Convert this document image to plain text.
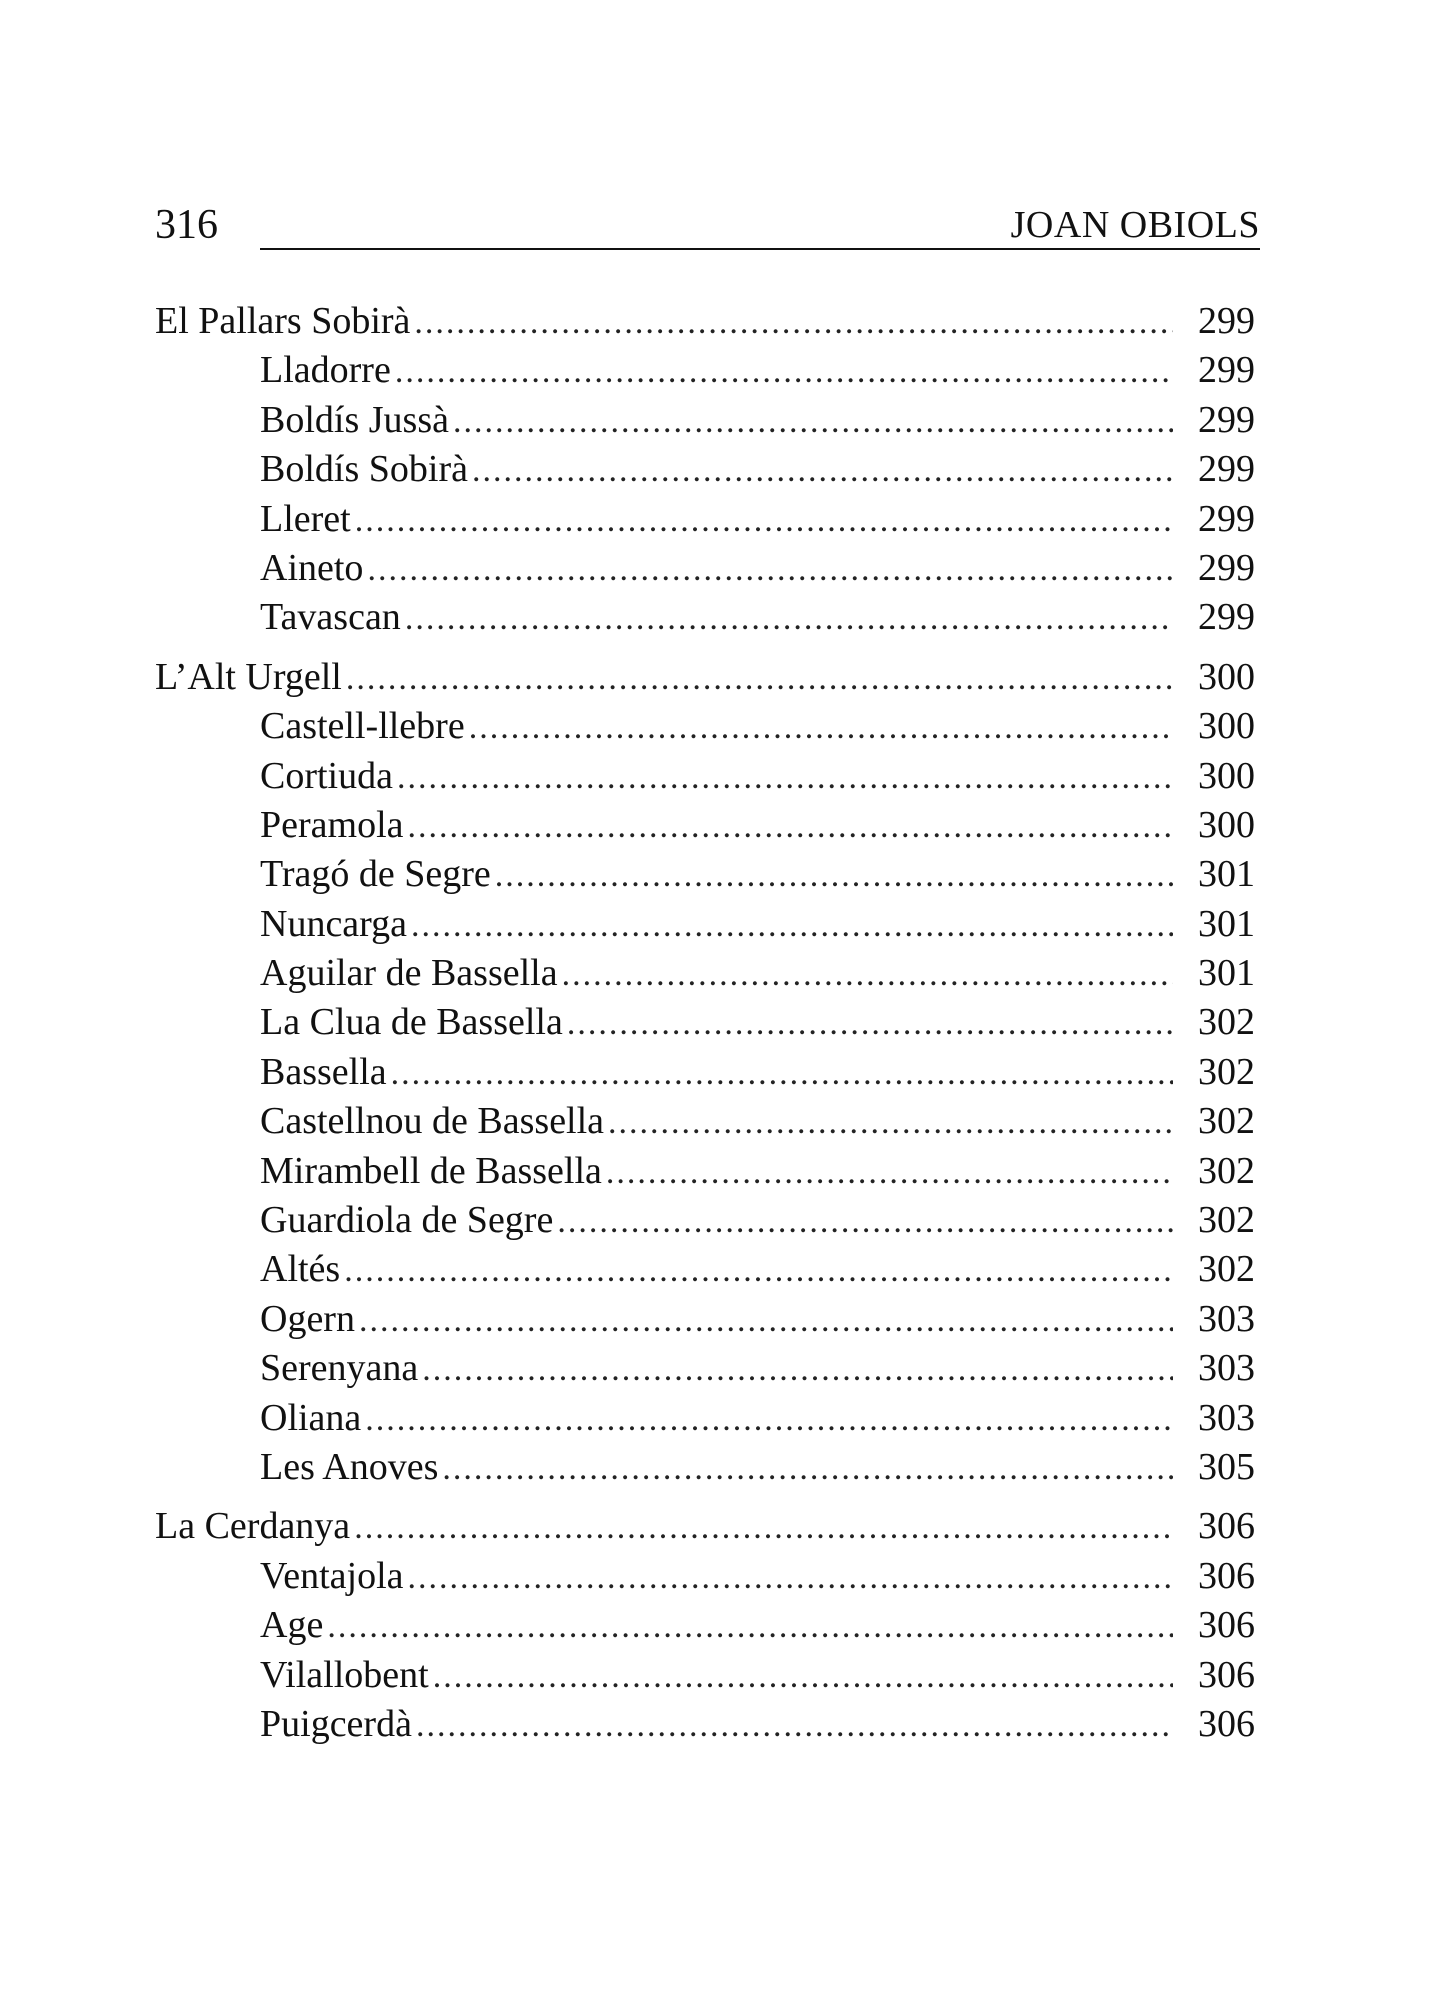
316	JOAN OBIOLS
El Pallars Sobirà .....	299
Lladorre .....	299
Boldís Jussà .....	299
Boldís Sobirà .....	299
Lleret .....	299
Aineto .....	299
Tavascan .....	299
L’Alt Urgell .....	300
Castell-llebre .....	300
Cortiuda .....	300
Peramola .....	300
Tragó de Segre .....	301
Nuncarga .....	301
Aguilar de Bassella .....	301
La Clua de Bassella .....	302
Bassella .....	302
Castellnou de Bassella .....	302
Mirambell de Bassella .....	302
Guardiola de Segre .....	302
Altés .....	302
Ogern .....	303
Serenyana .....	303
Oliana .....	303
Les Anoves .....	305
La Cerdanya .....	306
Ventajola .....	306
Age .....	306
Vilallobent .....	306
Puigcerdà .....	306
